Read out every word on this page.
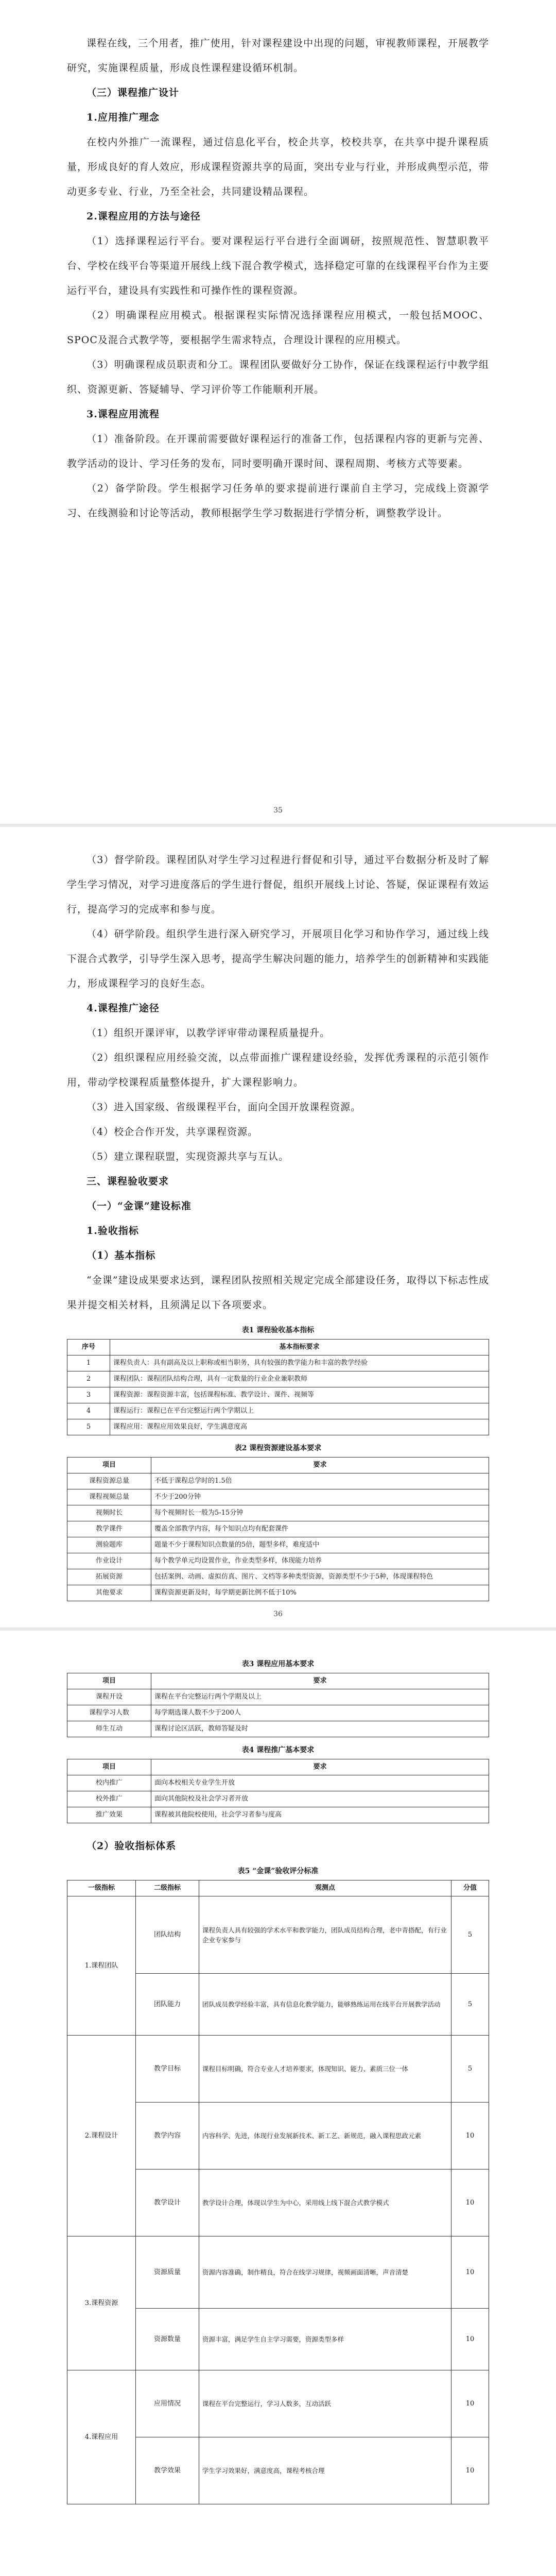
课程在线，三个用者，推广使用，针对课程建设中出现的问题，审视教师课程，开展教学研究，实施课程质量，形成良性课程建设循环机制。

（三）课程推广设计

1.应用推广理念

在校内外推广一流课程，通过信息化平台，校企共享，校校共享，在共享中提升课程质量，形成良好的育人效应，形成课程资源共享的局面，突出专业与行业，并形成典型示范，带动更多专业、行业，乃至全社会，共同建设精品课程。

2.课程应用的方法与途径

（1）选择课程运行平台。要对课程运行平台进行全面调研，按照规范性、智慧职教平台、学校在线平台等渠道开展线上线下混合教学模式，选择稳定可靠的在线课程平台作为主要运行平台，建设具有实践性和可操作性的课程资源。

（2）明确课程应用模式。根据课程实际情况选择课程应用模式，一般包括MOOC、SPOC及混合式教学等，要根据学生需求特点，合理设计课程的应用模式。

（3）明确课程成员职责和分工。课程团队要做好分工协作，保证在线课程运行中教学组织、资源更新、答疑辅导、学习评价等工作能顺利开展。

3.课程应用流程

（1）准备阶段。在开课前需要做好课程运行的准备工作，包括课程内容的更新与完善、教学活动的设计、学习任务的发布，同时要明确开课时间、课程周期、考核方式等要素。

（2）备学阶段。学生根据学习任务单的要求提前进行课前自主学习，完成线上资源学习、在线测验和讨论等活动，教师根据学生学习数据进行学情分析，调整教学设计。

35

（3）督学阶段。课程团队对学生学习过程进行督促和引导，通过平台数据分析及时了解学生学习情况，对学习进度落后的学生进行督促，组织开展线上讨论、答疑，保证课程有效运行，提高学习的完成率和参与度。

（4）研学阶段。组织学生进行深入研究学习，开展项目化学习和协作学习，通过线上线下混合式教学，引导学生深入思考，提高学生解决问题的能力，培养学生的创新精神和实践能力，形成课程学习的良好生态。

4.课程推广途径

（1）组织开课评审，以教学评审带动课程质量提升。

（2）组织课程应用经验交流，以点带面推广课程建设经验，发挥优秀课程的示范引领作用，带动学校课程质量整体提升，扩大课程影响力。

（3）进入国家级、省级课程平台，面向全国开放课程资源。

（4）校企合作开发，共享课程资源。

（5）建立课程联盟，实现资源共享与互认。

三、课程验收要求

（一）“金课”建设标准

1.验收指标

（1）基本指标

“金课”建设成果要求达到，课程团队按照相关规定完成全部建设任务，取得以下标志性成果并提交相关材料，且须满足以下各项要求。

表1 课程验收基本指标
序号	基本指标要求
1	课程负责人：具有副高及以上职称或相当职务，具有较强的教学能力和丰富的教学经验
2	课程团队：课程团队结构合理，具有一定数量的行业企业兼职教师
3	课程资源：课程资源丰富，包括课程标准、教学设计、课件、视频等
4	课程运行：课程已在平台完整运行两个学期以上
5	课程应用：课程应用效果良好，学生满意度高
表2 课程资源建设基本要求
项目	要求
课程资源总量	不低于课程总学时的1.5倍
课程视频总量	不少于200分钟
视频时长	每个视频时长一般为5-15分钟
教学课件	覆盖全部教学内容，每个知识点均有配套课件
测验题库	题量不少于课程知识点数量的5倍，题型多样，难度适中
作业设计	每个教学单元均设置作业，作业类型多样，体现能力培养
拓展资源	包括案例、动画、虚拟仿真、图片、文档等多种类型资源，资源类型不少于5种，体现课程特色
其他要求	课程资源更新及时，每学期更新比例不低于10%
36
表3 课程应用基本要求
项目	要求
课程开设	课程在平台完整运行两个学期及以上
课程学习人数	每学期选课人数不少于200人
师生互动	课程讨论区活跃，教师答疑及时
表4 课程推广基本要求
项目	要求
校内推广	面向本校相关专业学生开放
校外推广	面向其他院校及社会学习者开放
推广效果	课程被其他院校使用，社会学习者参与度高

（2）验收指标体系

表5 “金课”验收评分标准
一级指标	二级指标	观测点	分值
1.课程团队	团队结构	课程负责人具有较强的学术水平和教学能力，团队成员结构合理，老中青搭配，有行业企业专家参与	5
	团队能力	团队成员教学经验丰富，具有信息化教学能力，能够熟练运用在线平台开展教学活动	5
2.课程设计	教学目标	课程目标明确，符合专业人才培养要求，体现知识、能力、素质三位一体	5
	教学内容	内容科学、先进，体现行业发展新技术、新工艺、新规范，融入课程思政元素	10
	教学设计	教学设计合理，体现以学生为中心，采用线上线下混合式教学模式	10
3.课程资源	资源质量	资源内容准确，制作精良，符合在线学习规律，视频画面清晰，声音清楚	10
	资源数量	资源丰富，满足学生自主学习需要，资源类型多样	10
4.课程应用	应用情况	课程在平台完整运行，学习人数多，互动活跃	10
	教学效果	学生学习效果好，满意度高，课程考核合理	10
